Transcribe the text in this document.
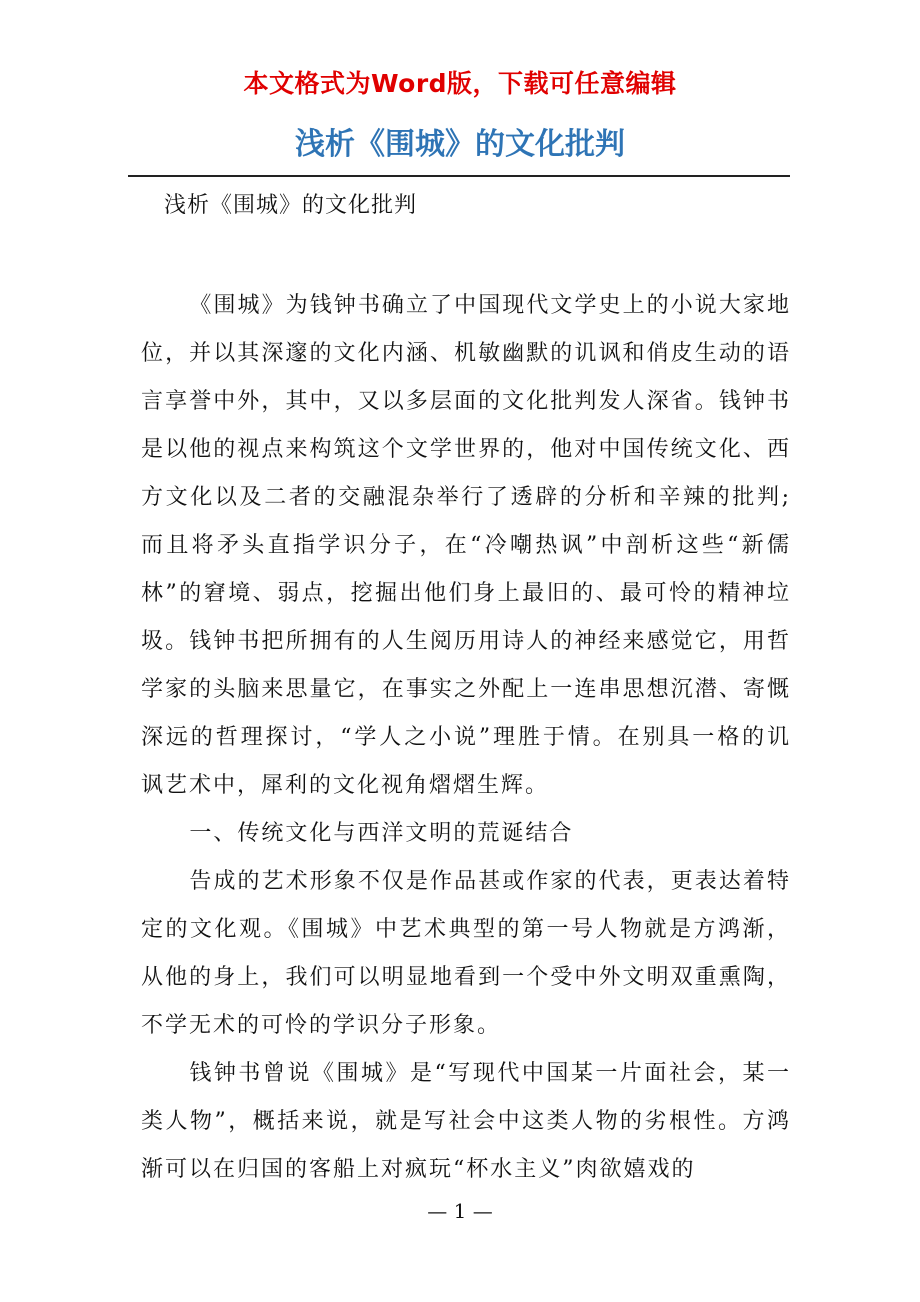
本文格式为Word版，下载可任意编辑
浅析《围城》的文化批判
浅析《围城》的文化批判

《围城》为钱钟书确立了中国现代文学史上的小说大家地位，并以其深邃的文化内涵、机敏幽默的讥讽和俏皮生动的语言享誉中外，其中，又以多层面的文化批判发人深省。钱钟书是以他的视点来构筑这个文学世界的，他对中国传统文化、西方文化以及二者的交融混杂举行了透辟的分析和辛辣的批判;而且将矛头直指学识分子，在“冷嘲热讽”中剖析这些“新儒林”的窘境、弱点，挖掘出他们身上最旧的、最可怜的精神垃圾。钱钟书把所拥有的人生阅历用诗人的神经来感觉它，用哲学家的头脑来思量它，在事实之外配上一连串思想沉潜、寄慨深远的哲理探讨，“学人之小说”理胜于情。在别具一格的讥讽艺术中，犀利的文化视角熠熠生辉。

一、传统文化与西洋文明的荒诞结合

告成的艺术形象不仅是作品甚或作家的代表，更表达着特定的文化观。《围城》中艺术典型的第一号人物就是方鸿渐，从他的身上，我们可以明显地看到一个受中外文明双重熏陶，不学无术的可怜的学识分子形象。

钱钟书曾说《围城》是“写现代中国某一片面社会，某一类人物”，概括来说，就是写社会中这类人物的劣根性。方鸿渐可以在归国的客船上对疯玩“杯水主义”肉欲嬉戏的

— 1 —
